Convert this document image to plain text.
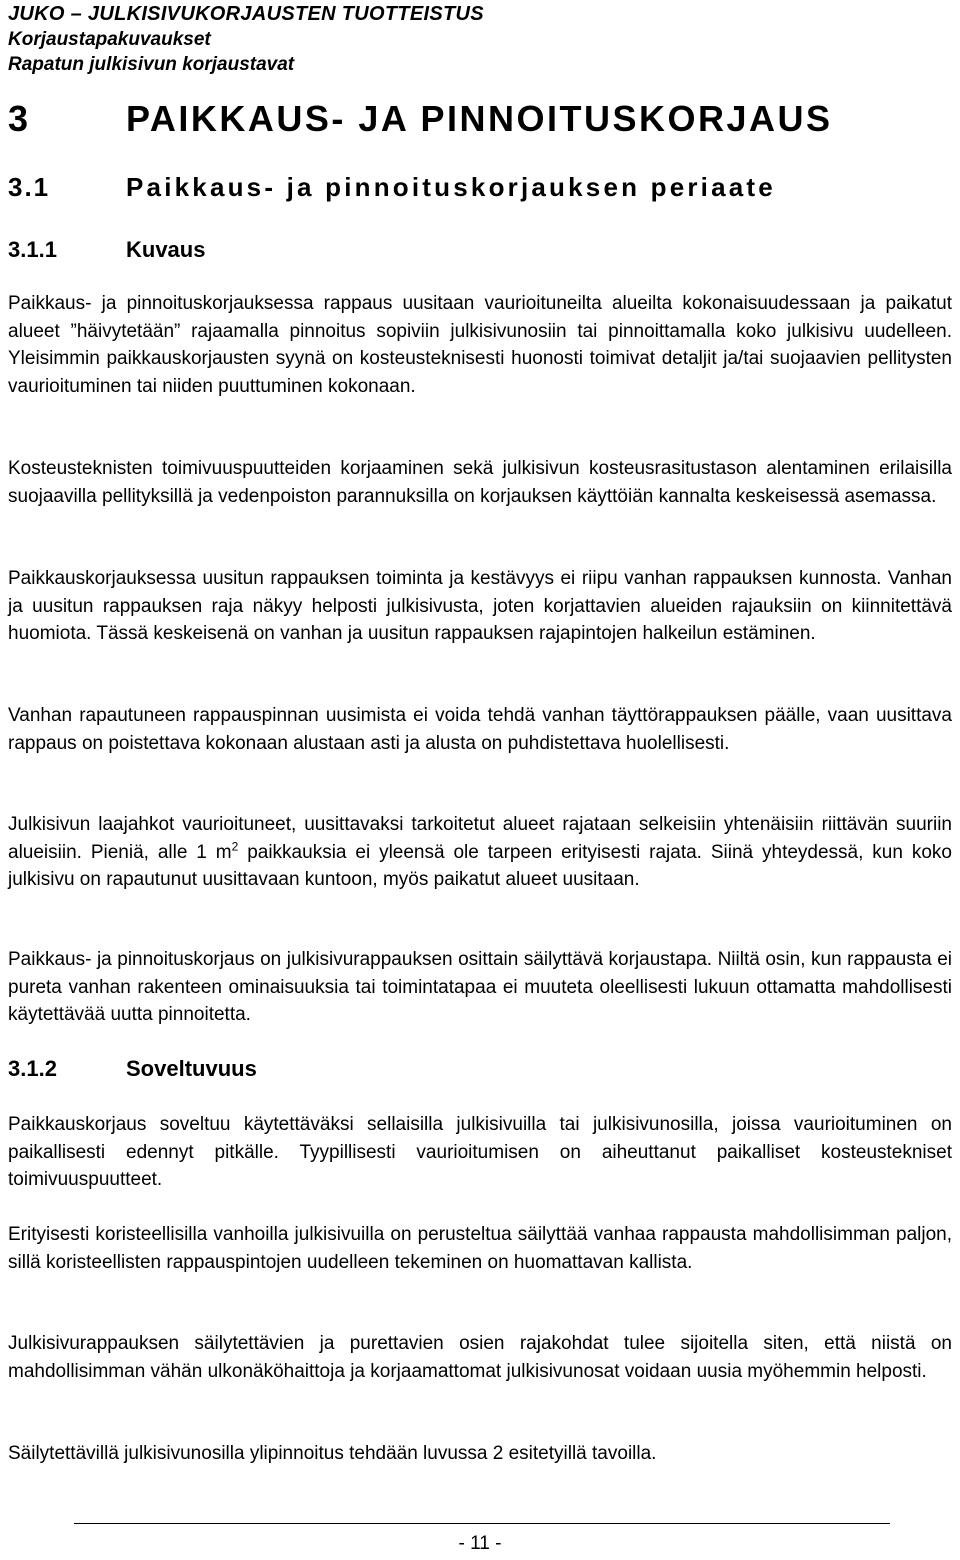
JUKO – JULKISIVUKORJAUSTEN TUOTTEISTUS
Korjaustapakuvaukset
Rapatun julkisivun korjaustavat
3	PAIKKAUS- JA PINNOITUSKORJAUS
3.1	Paikkaus- ja pinnoituskorjauksen periaate
3.1.1	Kuvaus

Paikkaus- ja pinnoituskorjauksessa rappaus uusitaan vaurioituneilta alueilta kokonaisuudessaan ja paikatut alueet ”häivytetään” rajaamalla pinnoitus sopiviin julkisivunosiin tai pinnoittamalla koko julkisivu uudelleen. Yleisimmin paikkauskorjausten syynä on kosteusteknisesti huonosti toimivat detaljit ja/tai suojaavien pellitysten vaurioituminen tai niiden puuttuminen kokonaan.

Kosteusteknisten toimivuuspuutteiden korjaaminen sekä julkisivun kosteusrasitustason alentaminen erilaisilla suojaavilla pellityksillä ja vedenpoiston parannuksilla on korjauksen käyttöiän kannalta keskeisessä asemassa.

Paikkauskorjauksessa uusitun rappauksen toiminta ja kestävyys ei riipu vanhan rappauksen kunnosta. Vanhan ja uusitun rappauksen raja näkyy helposti julkisivusta, joten korjattavien alueiden rajauksiin on kiinnitettävä huomiota. Tässä keskeisenä on vanhan ja uusitun rappauksen rajapintojen halkeilun estäminen.

Vanhan rapautuneen rappauspinnan uusimista ei voida tehdä vanhan täyttörappauksen päälle, vaan uusittava rappaus on poistettava kokonaan alustaan asti ja alusta on puhdistettava huolellisesti.

Julkisivun laajahkot vaurioituneet, uusittavaksi tarkoitetut alueet rajataan selkeisiin yhtenäisiin riittävän suuriin alueisiin. Pieniä, alle 1 $m^2$ paikkauksia ei yleensä ole tarpeen erityisesti rajata. Siinä yhteydessä, kun koko julkisivu on rapautunut uusittavaan kuntoon, myös paikatut alueet uusitaan.

Paikkaus- ja pinnoituskorjaus on julkisivurappauksen osittain säilyttävä korjaustapa. Niiltä osin, kun rappausta ei pureta vanhan rakenteen ominaisuuksia tai toimintatapaa ei muuteta oleellisesti lukuun ottamatta mahdollisesti käytettävää uutta pinnoitetta.

3.1.2	Soveltuvuus

Paikkauskorjaus soveltuu käytettäväksi sellaisilla julkisivuilla tai julkisivunosilla, joissa vaurioituminen on paikallisesti edennyt pitkälle. Tyypillisesti vaurioitumisen on aiheuttanut paikalliset kosteustekniset toimivuuspuutteet.

Erityisesti koristeellisilla vanhoilla julkisivuilla on perusteltua säilyttää vanhaa rappausta mahdollisimman paljon, sillä koristeellisten rappauspintojen uudelleen tekeminen on huomattavan kallista.

Julkisivurappauksen säilytettävien ja purettavien osien rajakohdat tulee sijoitella siten, että niistä on mahdollisimman vähän ulkonäköhaittoja ja korjaamattomat julkisivunosat voidaan uusia myöhemmin helposti.

Säilytettävillä julkisivunosilla ylipinnoitus tehdään luvussa 2 esitetyillä tavoilla.

- 11 -
